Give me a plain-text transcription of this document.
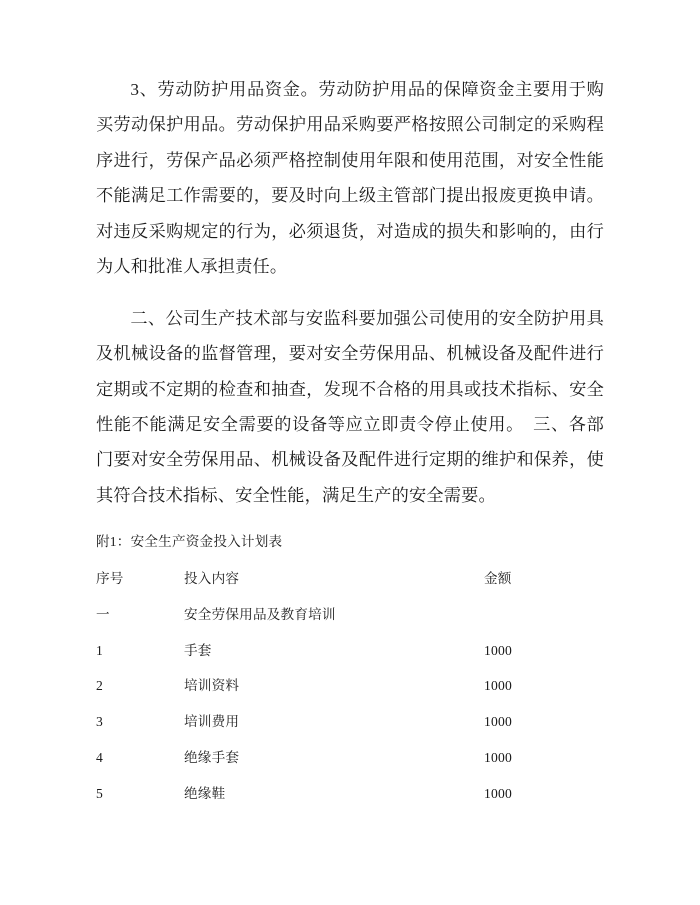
3、劳动防护用品资金。劳动防护用品的保障资金主要用于购买劳动保护用品。劳动保护用品采购要严格按照公司制定的采购程序进行，劳保产品必须严格控制使用年限和使用范围，对安全性能不能满足工作需要的，要及时向上级主管部门提出报废更换申请。对违反采购规定的行为，必须退货，对造成的损失和影响的，由行为人和批准人承担责任。

二、公司生产技术部与安监科要加强公司使用的安全防护用具及机械设备的监督管理，要对安全劳保用品、机械设备及配件进行定期或不定期的检查和抽查，发现不合格的用具或技术指标、安全性能不能满足安全需要的设备等应立即责令停止使用。　三、各部门要对安全劳保用品、机械设备及配件进行定期的维护和保养，使其符合技术指标、安全性能，满足生产的安全需要。

附1：安全生产资金投入计划表
序号	投入内容	金额
一	安全劳保用品及教育培训	
1	手套	1000
2	培训资料	1000
3	培训费用	1000
4	绝缘手套	1000
5	绝缘鞋	1000
